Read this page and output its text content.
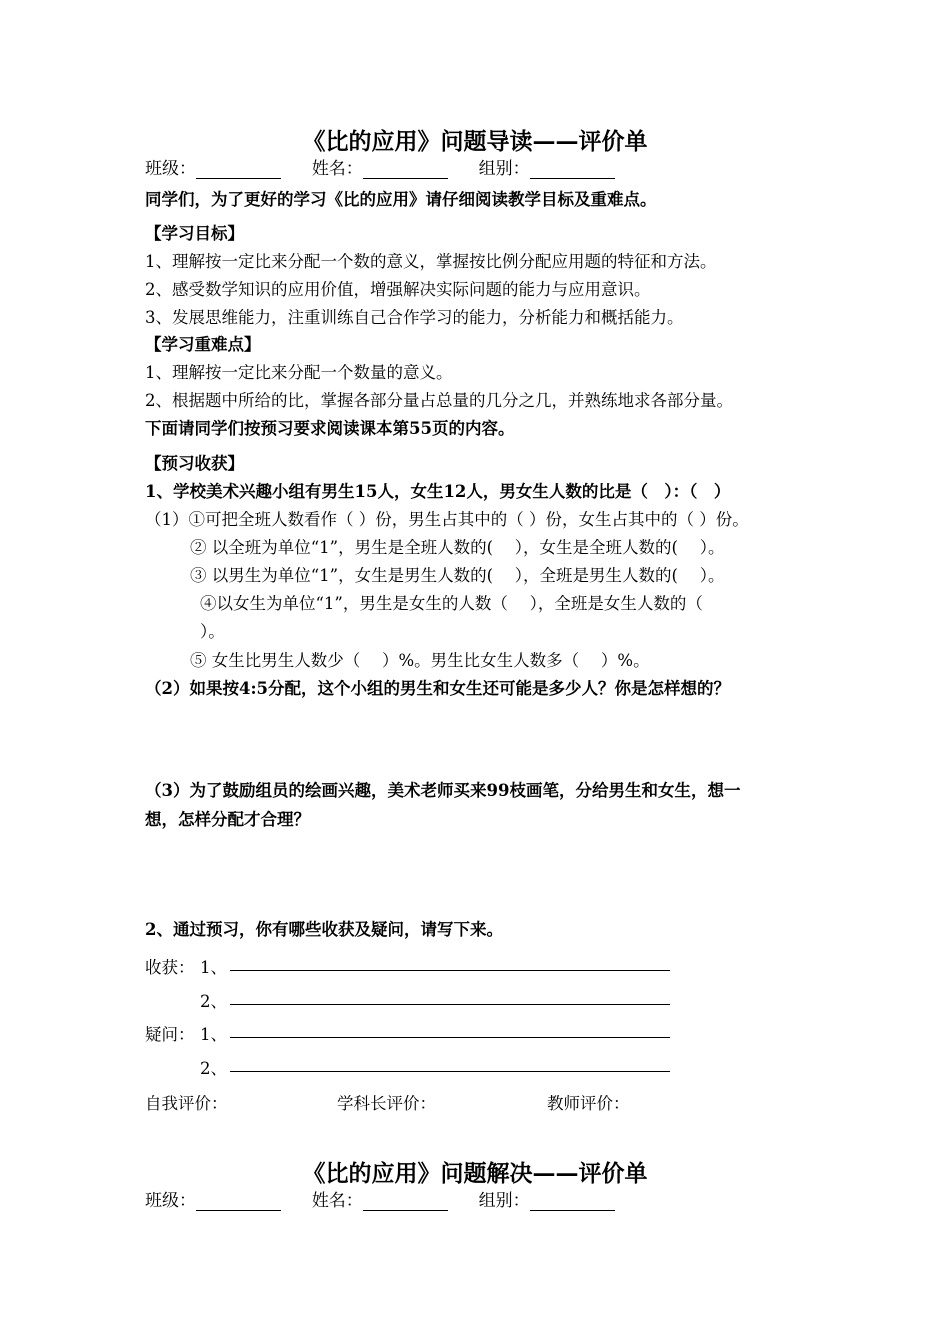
《比的应用》问题导读——评价单
班级：	姓名：	组别：
同学们，为了更好的学习《比的应用》请仔细阅读教学目标及重难点。
【学习目标】
1、理解按一定比来分配一个数的意义，掌握按比例分配应用题的特征和方法。
2、感受数学知识的应用价值，增强解决实际问题的能力与应用意识。
3、发展思维能力，注重训练自己合作学习的能力，分析能力和概括能力。
【学习重难点】
1、理解按一定比来分配一个数量的意义。
2、根据题中所给的比，掌握各部分量占总量的几分之几，并熟练地求各部分量。
下面请同学们按预习要求阅读课本第55页的内容。
【预习收获】
1、学校美术兴趣小组有男生15人，女生12人，男女生人数的比是（　）：（　）
（1）①可把全班人数看作（ ）份，男生占其中的（ ）份，女生占其中的（ ）份。
② 以全班为单位“1”，男生是全班人数的(　 ），女生是全班人数的(　 ）。
③ 以男生为单位“1”，女生是男生人数的(　 ），全班是男生人数的(　 ）。
④以女生为单位“1”，男生是女生的人数（　 ），全班是女生人数的（
）。
⑤ 女生比男生人数少（　 ）%。男生比女生人数多（　 ）%。
（2）如果按4:5分配，这个小组的男生和女生还可能是多少人？你是怎样想的？
（3）为了鼓励组员的绘画兴趣，美术老师买来99枝画笔，分给男生和女生，想一
想，怎样分配才合理？
2、通过预习，你有哪些收获及疑问，请写下来。
收获： 1、
2、
疑问： 1、
2、
自我评价：	学科长评价：	教师评价：
《比的应用》问题解决——评价单
班级：	姓名：	组别：
